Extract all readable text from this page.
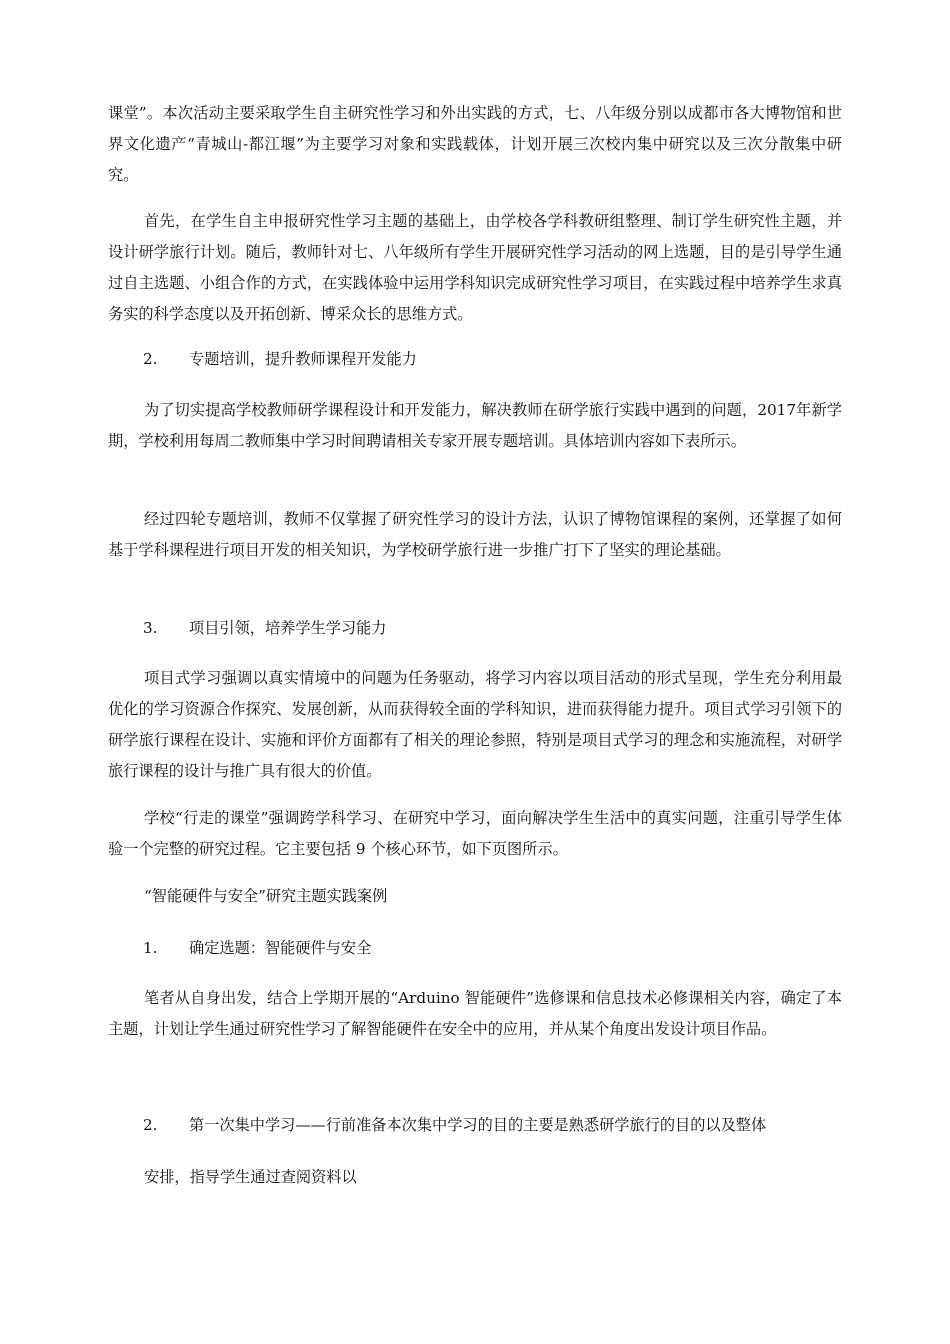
课堂”。本次活动主要采取学生自主研究性学习和外出实践的方式，七、八年级分别以成都市各大博物馆和世界文化遗产“青城山-都江堰”为主要学习对象和实践载体，计划开展三次校内集中研究以及三次分散集中研究。

首先，在学生自主申报研究性学习主题的基础上，由学校各学科教研组整理、制订学生研究性主题，并设计研学旅行计划。随后，教师针对七、八年级所有学生开展研究性学习活动的网上选题，目的是引导学生通过自主选题、小组合作的方式，在实践体验中运用学科知识完成研究性学习项目，在实践过程中培养学生求真务实的科学态度以及开拓创新、博采众长的思维方式。

2. 专题培训，提升教师课程开发能力

为了切实提高学校教师研学课程设计和开发能力，解决教师在研学旅行实践中遇到的问题，2017年新学期，学校利用每周二教师集中学习时间聘请相关专家开展专题培训。具体培训内容如下表所示。

经过四轮专题培训，教师不仅掌握了研究性学习的设计方法，认识了博物馆课程的案例，还掌握了如何基于学科课程进行项目开发的相关知识，为学校研学旅行进一步推广打下了坚实的理论基础。

3. 项目引领，培养学生学习能力

项目式学习强调以真实情境中的问题为任务驱动，将学习内容以项目活动的形式呈现，学生充分利用最优化的学习资源合作探究、发展创新，从而获得较全面的学科知识，进而获得能力提升。项目式学习引领下的研学旅行课程在设计、实施和评价方面都有了相关的理论参照，特别是项目式学习的理念和实施流程，对研学旅行课程的设计与推广具有很大的价值。

学校“行走的课堂”强调跨学科学习、在研究中学习，面向解决学生生活中的真实问题，注重引导学生体验一个完整的研究过程。它主要包括 9 个核心环节，如下页图所示。

“智能硬件与安全”研究主题实践案例

1. 确定选题：智能硬件与安全

笔者从自身出发，结合上学期开展的“Arduino 智能硬件”选修课和信息技术必修课相关内容，确定了本主题，计划让学生通过研究性学习了解智能硬件在安全中的应用，并从某个角度出发设计项目作品。

2. 第一次集中学习——行前准备本次集中学习的目的主要是熟悉研学旅行的目的以及整体

安排，指导学生通过查阅资料以
